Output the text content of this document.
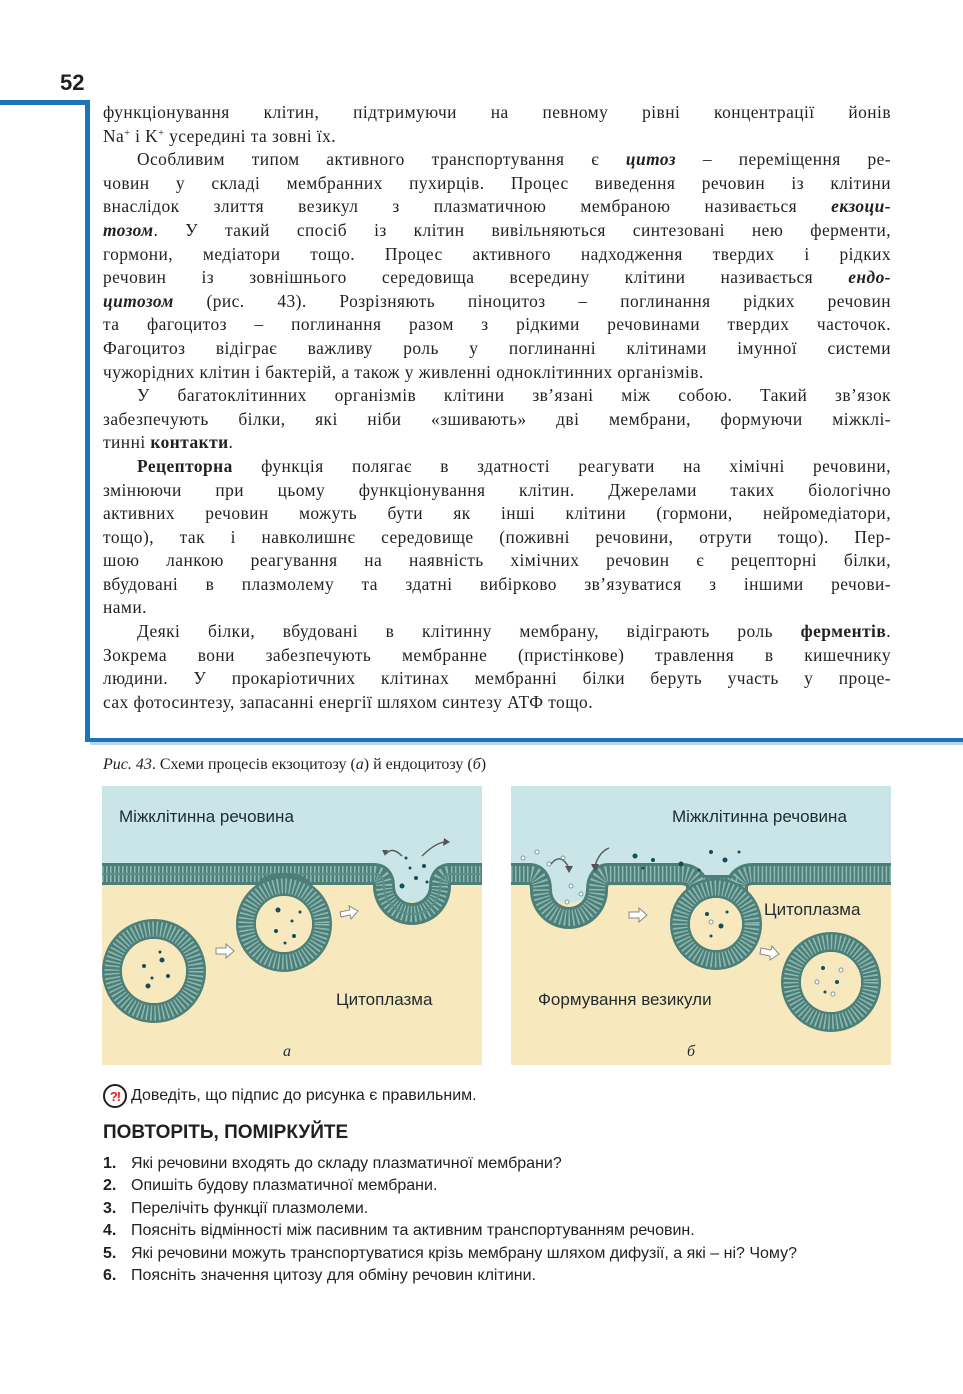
52
функціонування клітин, підтримуючи на певному рівні концентрації йонів
Na+ і K+ усередині та зовні їх.
Особливим типом активного транспортування є цитоз – переміщення ре-
човин у складі мембранних пухирців. Процес виведення речовин із клітини
внаслідок злиття везикул з плазматичною мембраною називається екзоци-
тозом. У такий спосіб із клітин вивільняються синтезовані нею ферменти,
гормони, медіатори тощо. Процес активного надходження твердих і рідких
речовин із зовнішнього середовища всередину клітини називається ендо-
цитозом (рис. 43). Розрізняють піноцитоз – поглинання рідких речовин
та фагоцитоз – поглинання разом з рідкими речовинами твердих часточок.
Фагоцитоз відіграє важливу роль у поглинанні клітинами імунної системи
чужорідних клітин і бактерій, а також у живленні одноклітинних організмів.
У багатоклітинних організмів клітини зв’язані між собою. Такий зв’язок
забезпечують білки, які ніби «зшивають» дві мембрани, формуючи міжклі-
тинні контакти.
Рецепторна функція полягає в здатності реагувати на хімічні речовини,
змінюючи при цьому функціонування клітин. Джерелами таких біологічно
активних речовин можуть бути як інші клітини (гормони, нейромедіатори,
тощо), так і навколишнє середовище (поживні речовини, отрути тощо). Пер-
шою ланкою реагування на наявність хімічних речовин є рецепторні білки,
вбудовані в плазмолему та здатні вибірково зв’язуватися з іншими речови-
нами.
Деякі білки, вбудовані в клітинну мембрану, відіграють роль ферментів.
Зокрема вони забезпечують мембранне (пристінкове) травлення в кишечнику
людини. У прокаріотичних клітинах мембранні білки беруть участь у проце-
сах фотосинтезу, запасанні енергії шляхом синтезу АТФ тощо.
Рис. 43. Схеми процесів екзоцитозу (а) й ендоцитозу (б)
Міжклітинна речовина
Цитоплазма
а
Міжклітинна речовина
Цитоплазма
Формування везикули
б
?! Доведіть, що підпис до рисунка є правильним.
ПОВТОРІТЬ, ПОМІРКУЙТЕ
1. Які речовини входять до складу плазматичної мембрани?
2. Опишіть будову плазматичної мембрани.
3. Перелічіть функції плазмолеми.
4. Поясніть відмінності між пасивним та активним транспортуванням речовин.
5. Які речовини можуть транспортуватися крізь мембрану шляхом дифузії, а які – ні? Чому?
6. Поясніть значення цитозу для обміну речовин клітини.
